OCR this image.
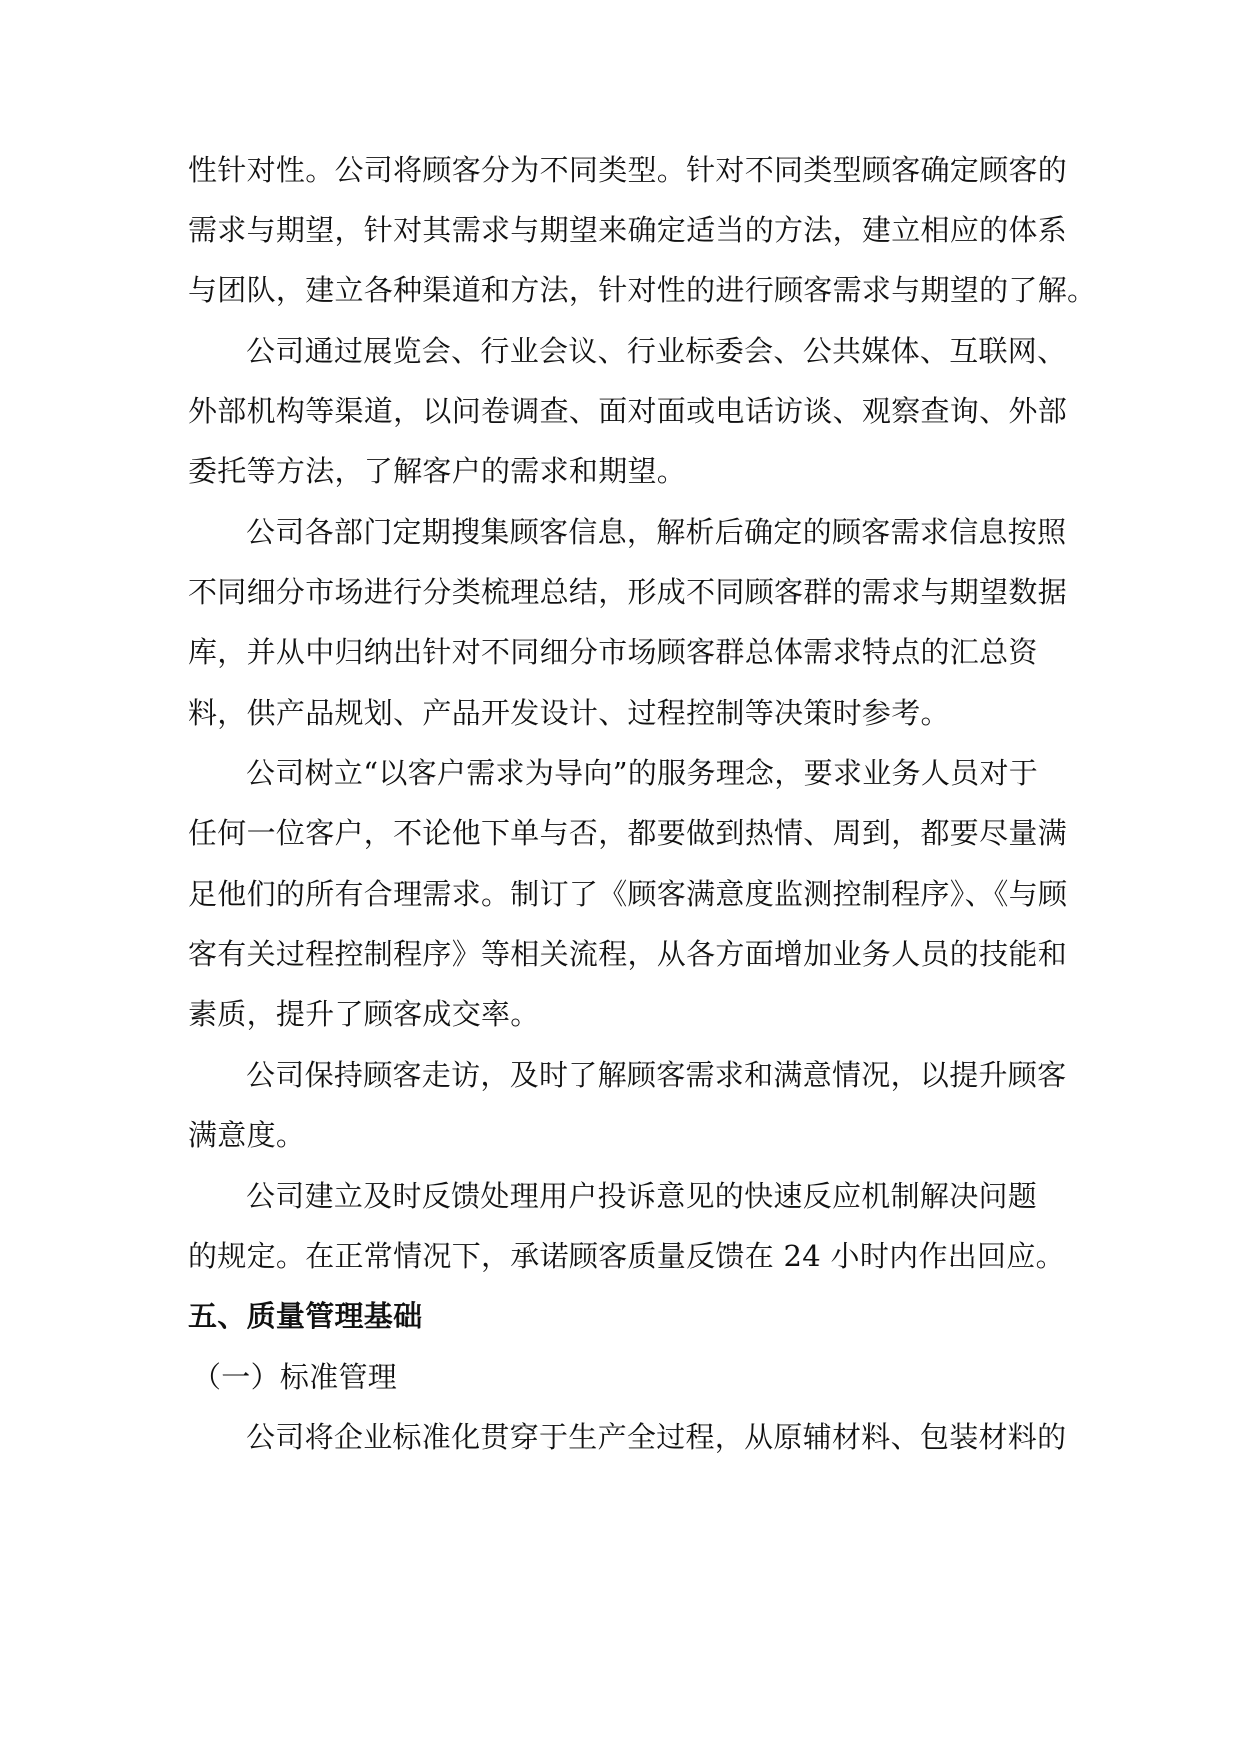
性针对性。公司将顾客分为不同类型。针对不同类型顾客确定顾客的
需求与期望，针对其需求与期望来确定适当的方法，建立相应的体系
与团队，建立各种渠道和方法，针对性的进行顾客需求与期望的了解。
公司通过展览会、行业会议、行业标委会、公共媒体、互联网、
外部机构等渠道，以问卷调查、面对面或电话访谈、观察查询、外部
委托等方法，了解客户的需求和期望。
公司各部门定期搜集顾客信息，解析后确定的顾客需求信息按照
不同细分市场进行分类梳理总结，形成不同顾客群的需求与期望数据
库，并从中归纳出针对不同细分市场顾客群总体需求特点的汇总资
料，供产品规划、产品开发设计、过程控制等决策时参考。
公司树立“以客户需求为导向”的服务理念，要求业务人员对于
任何一位客户，不论他下单与否，都要做到热情、周到，都要尽量满
足他们的所有合理需求。制订了《顾客满意度监测控制程序》、《与顾
客有关过程控制程序》等相关流程，从各方面增加业务人员的技能和
素质，提升了顾客成交率。
公司保持顾客走访，及时了解顾客需求和满意情况，以提升顾客
满意度。
公司建立及时反馈处理用户投诉意见的快速反应机制解决问题
的规定。在正常情况下，承诺顾客质量反馈在 24 小时内作出回应。
五、质量管理基础
（一）标准管理
公司将企业标准化贯穿于生产全过程，从原辅材料、包装材料的
